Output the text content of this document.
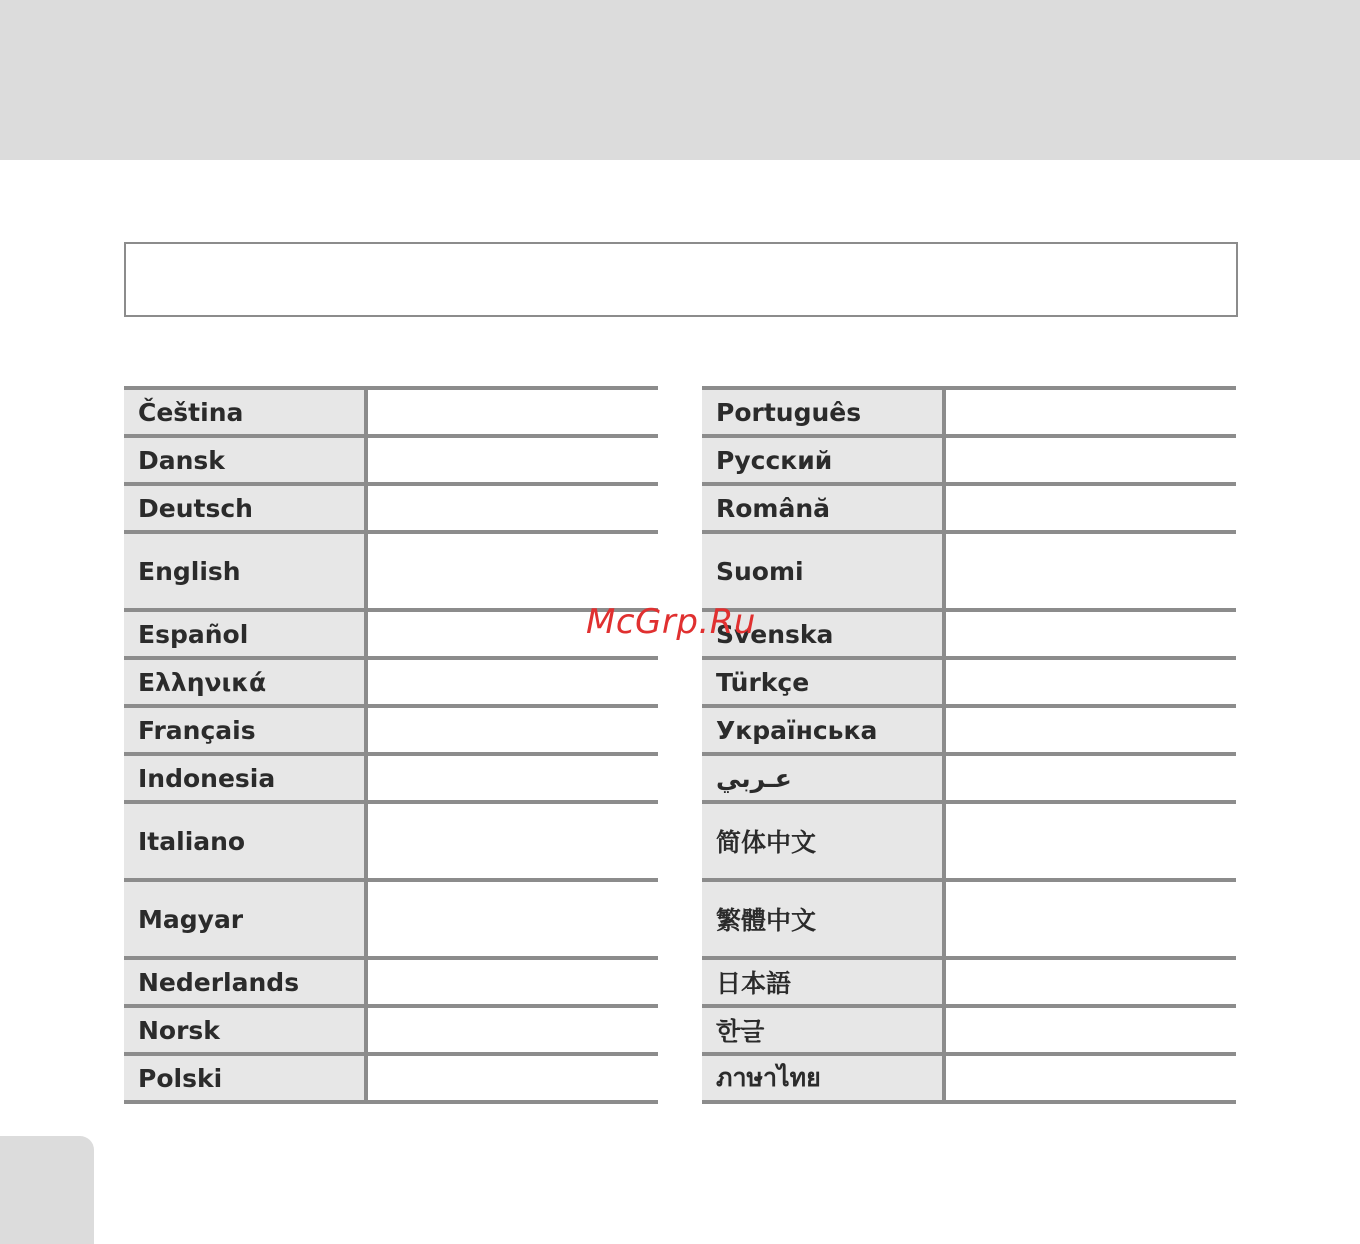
Čeština	
Dansk	
Deutsch	
English	
Español	
Ελληνικά	
Français	
Indonesia	
Italiano	
Magyar	
Nederlands	
Norsk	
Polski	
Português	
Русский	
Română	
Suomi	
Svenska	
Türkçe	
Українська	
عـربي	
简体中文	
繁體中文	
日本語	
한글	
ภาษาไทย	
McGrp.Ru
